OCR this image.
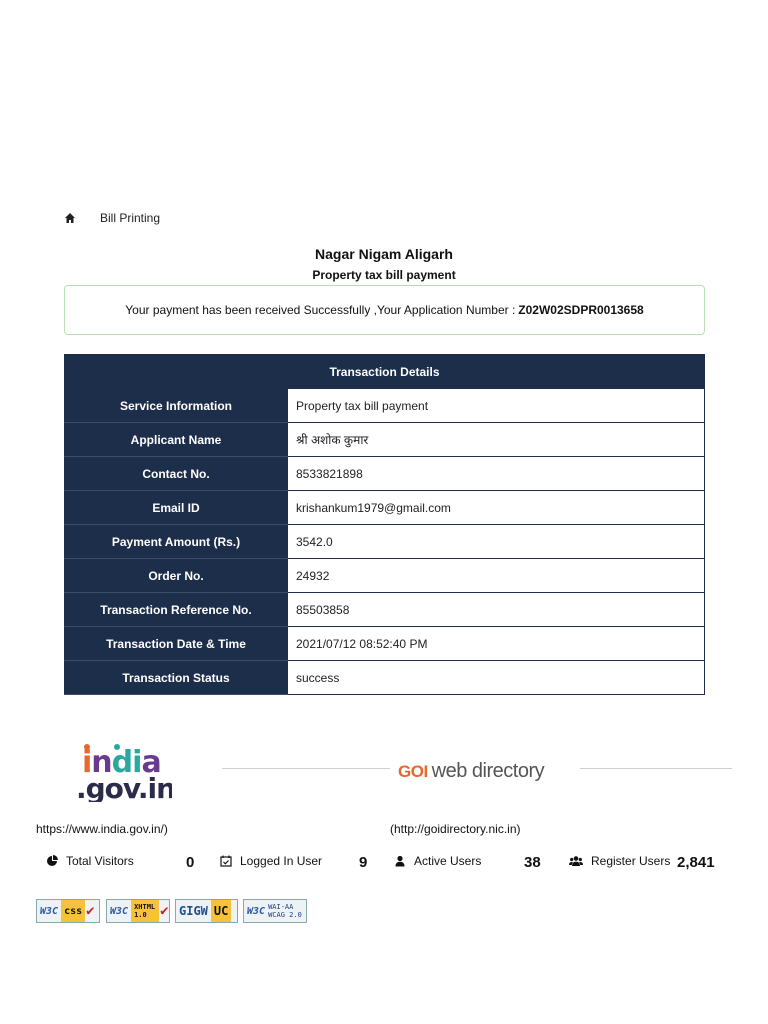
Bill Printing
Nagar Nigam Aligarh
Property tax bill payment
Your payment has been received Successfully ,Your Application Number : Z02W02SDPR0013658
Transaction Details	
Service Information	Property tax bill payment
Applicant Name	श्री अशोक कुमार
Contact No.	8533821898
Email ID	krishankum1979@gmail.com
Payment Amount (Rs.)	3542.0
Order No.	24932
Transaction Reference No.	85503858
Transaction Date & Time	2021/07/12 08:52:40 PM
Transaction Status	success
india
.gov.in
GOI web directory
https://www.india.gov.in/)	(http://goidirectory.nic.in)
Total Visitors	0	Logged In User 9	Active Users	38	Register Users 2,841
W3C css ✔	W3C XHTML 1.0 ✔ GIGW UC	W3C WAI-AA WCAG 2.0
